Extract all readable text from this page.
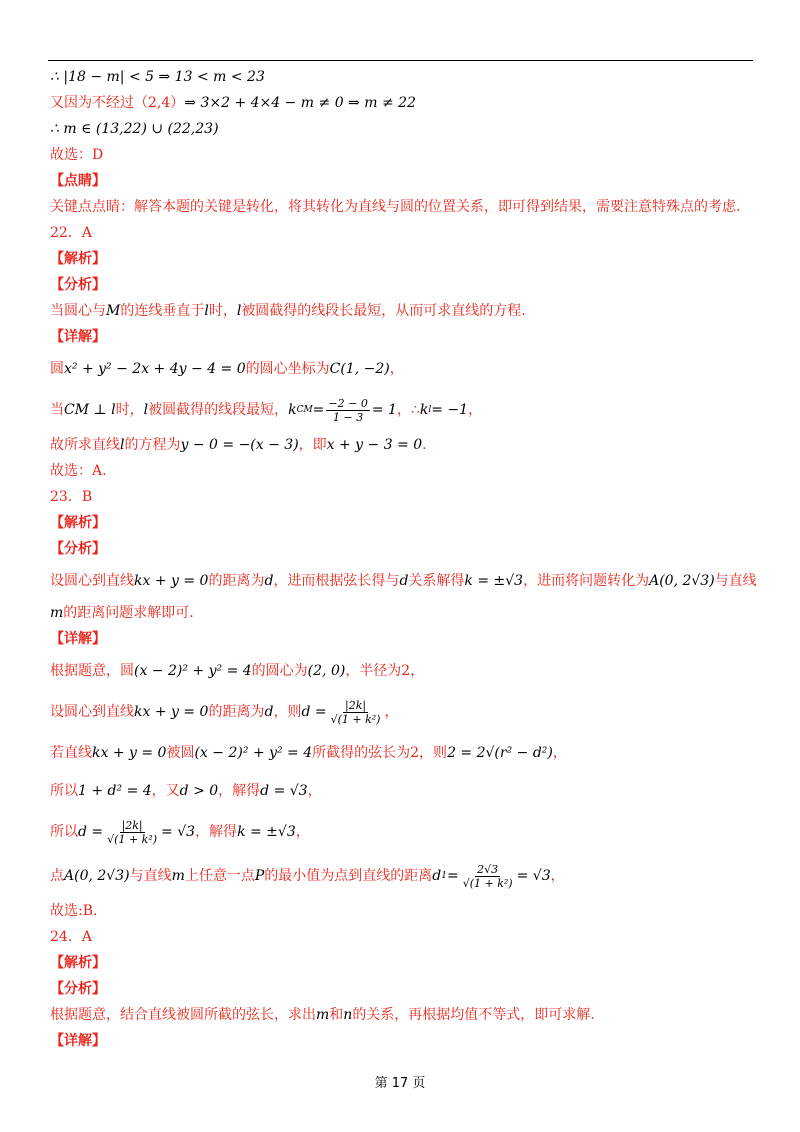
∴ |18 − m| < 5 ⇒ 13 < m < 23
又因为不经过（2,4） ⇒ 3×2 + 4×4 − m ≠ 0 ⇒ m ≠ 22
∴ m ∈ (13,22) ∪ (22,23)
故选：D
【点睛】
关键点点睛：解答本题的关键是转化，将其转化为直线与圆的位置关系，即可得到结果，需要注意特殊点的考虑.
22．A
【解析】
【分析】
当圆心与 M 的连线垂直于 l 时， l 被圆截得的线段长最短，从而可求直线的方程.
【详解】
圆 x² + y² − 2x + 4y − 4 = 0 的圆心坐标为 C(1, −2) ，
当 CM ⊥ l 时， l 被圆截得的线段最短， k CM = $\frac{-2 - 0}{1 - 3} = 1$ ， ∴ k l = −1 ，
故所求直线 l 的方程为 y − 0 = −(x − 3) ，即 x + y − 3 = 0 .
故选：A.
23．B
【解析】
【分析】
设圆心到直线 kx + y = 0 的距离为 d ，进而根据弦长得与 d 关系解得 k = ±√3 ，进而将问题转化为 A(0, 2√3) 与直线
m 的距离问题求解即可.
【详解】
根据题意，圆 (x − 2)² + y² = 4 的圆心为 (2, 0) ，半径为2，
设圆心到直线 kx + y = 0 的距离为 d ，则 $d = \frac{|2k|}{\text{√(1 + k²)}}$ ，
若直线 kx + y = 0 被圆 (x − 2)² + y² = 4 所截得的弦长为2，则 2 = 2√(r² − d²) ，
所以 1 + d² = 4 ，又 d > 0 ，解得 d = √3 ，
所以 $d = \frac{|2k|}{\text{√(1 + k²)}} = √3$ ，解得 k = ±√3 ，
点 A(0, 2√3) 与直线 m 上任意一点 P 的最小值为点到直线的距离 d $1 = \frac{2√3}{\text{√(1 + k²)}} = √3$ ，
故选:B.
24．A
【解析】
【分析】
根据题意，结合直线被圆所截的弦长，求出 m 和 n 的关系，再根据均值不等式，即可求解.
【详解】
第 17 页
